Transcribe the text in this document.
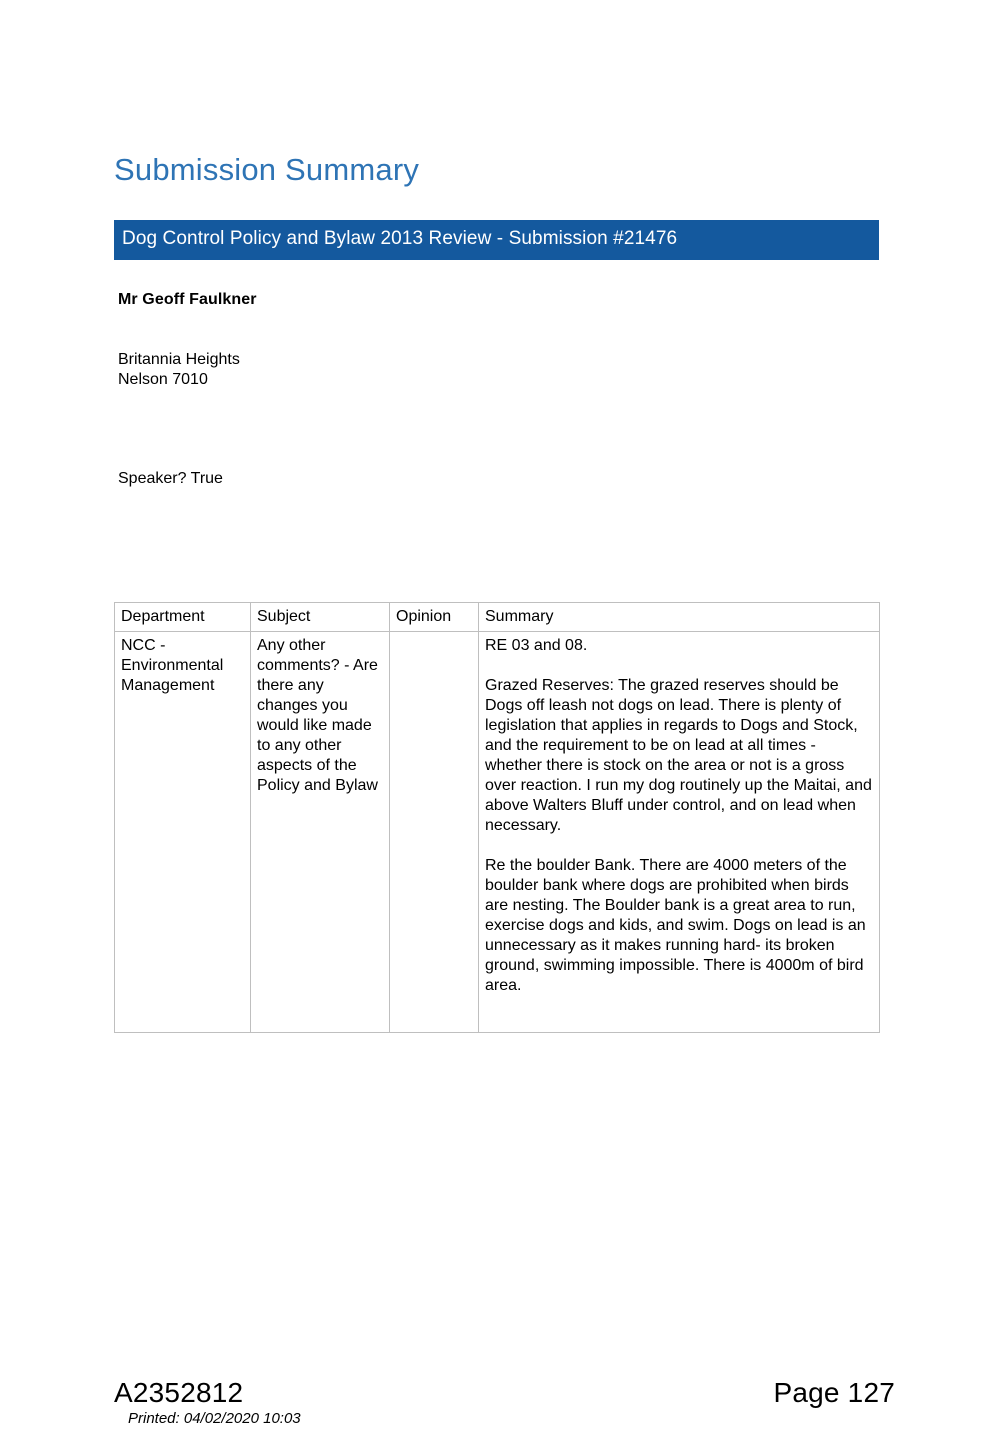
Submission Summary
Dog Control Policy and Bylaw 2013 Review - Submission #21476
Mr Geoff Faulkner
Britannia Heights
Nelson 7010
Speaker? True
Department	Subject	Opinion	Summary
NCC - Environmental Management	Any other comments? - Are there any changes you would like made to any other aspects of the Policy and Bylaw		RE 03 and 08.

Grazed Reserves: The grazed reserves should be Dogs off leash not dogs on lead. There is plenty of legislation that applies in regards to Dogs and Stock, and the requirement to be on lead at all times - whether there is stock on the area or not is a gross over reaction. I run my dog routinely up the Maitai, and above Walters Bluff under control, and on lead when necessary.

Re the boulder Bank. There are 4000 meters of the boulder bank where dogs are prohibited when birds are nesting. The Boulder bank is a great area to run, exercise dogs and kids, and swim. Dogs on lead is an unnecessary as it makes running hard- its broken ground, swimming impossible. There is 4000m of bird area.

A2352812	Page 127
Printed: 04/02/2020 10:03
